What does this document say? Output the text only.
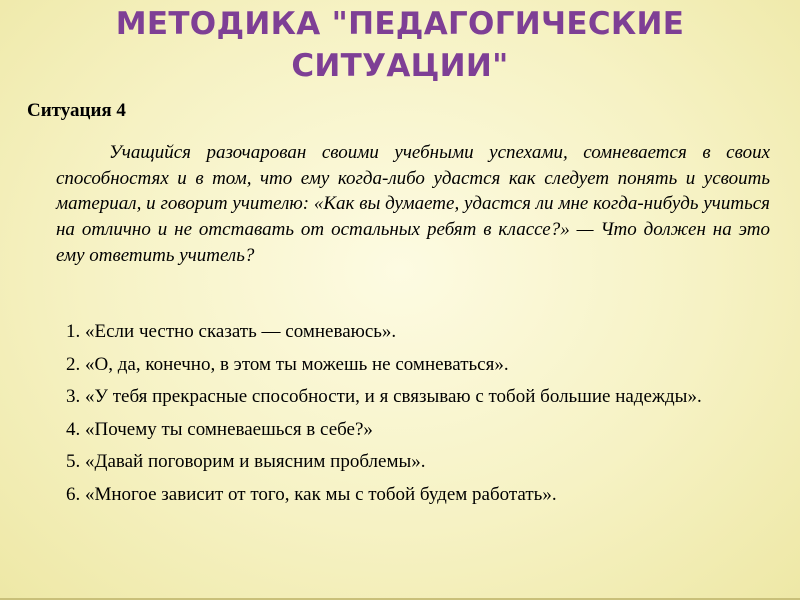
МЕТОДИКА "ПЕДАГОГИЧЕСКИЕ СИТУАЦИИ"
Ситуация 4

Учащийся разочарован своими учебными успехами, сомневается в своих способностях и в том, что ему когда-либо удастся как следует понять и усвоить материал, и говорит учителю: «Как вы думаете, удастся ли мне когда-нибудь учиться на отлично и не отставать от остальных ребят в классе?» — Что должен на это ему ответить учитель?

1. «Если честно сказать — сомневаюсь».
2. «О, да, конечно, в этом ты можешь не сомневаться».
3. «У тебя прекрасные способности, и я связываю с тобой большие надежды».
4. «Почему ты сомневаешься в себе?»
5. «Давай поговорим и выясним проблемы».
6. «Многое зависит от того, как мы с тобой будем работать».
